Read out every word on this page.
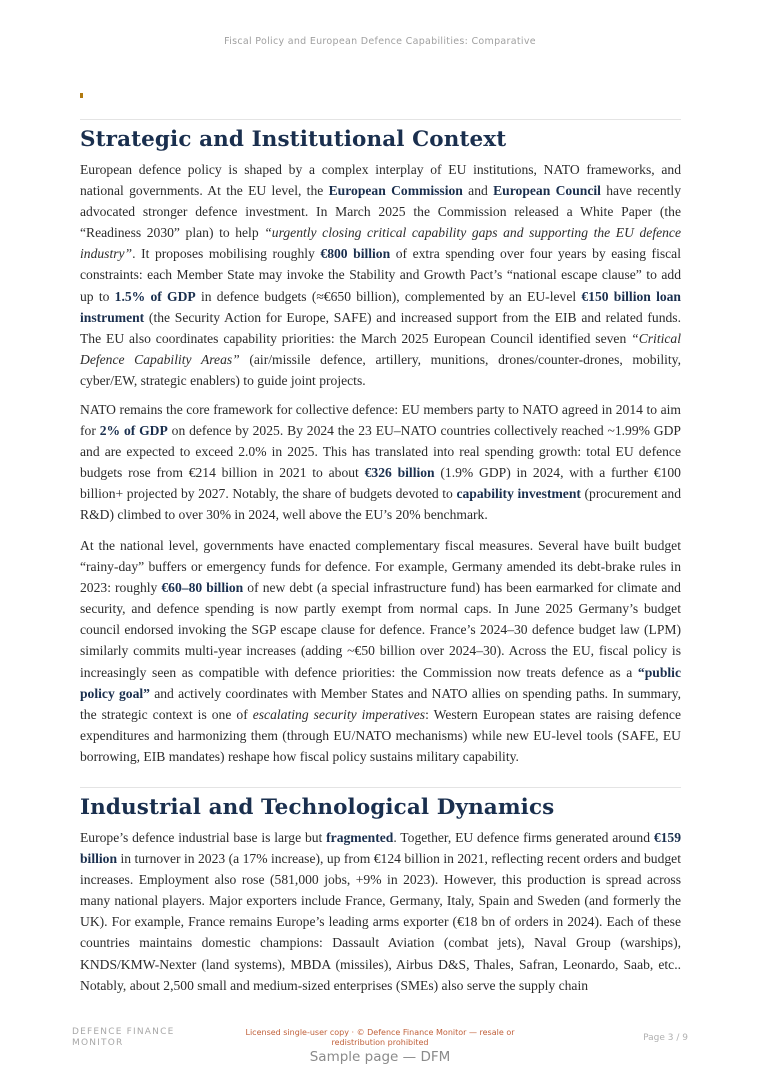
Fiscal Policy and European Defence Capabilities: Comparative
Strategic and Institutional Context

European defence policy is shaped by a complex interplay of EU institutions, NATO frameworks, and national governments. At the EU level, the European Commission and European Council have recently advocated stronger defence investment. In March 2025 the Commission released a White Paper (the “Readiness 2030” plan) to help “urgently closing critical capability gaps and supporting the EU defence industry”. It proposes mobilising roughly €800 billion of extra spending over four years by easing fiscal constraints: each Member State may invoke the Stability and Growth Pact’s “national escape clause” to add up to 1.5% of GDP in defence budgets (≈€650 billion), complemented by an EU-level €150 billion loan instrument (the Security Action for Europe, SAFE) and increased support from the EIB and related funds. The EU also coordinates capability priorities: the March 2025 European Council identified seven “Critical Defence Capability Areas” (air/missile defence, artillery, munitions, drones/counter-drones, mobility, cyber/EW, strategic enablers) to guide joint projects.

NATO remains the core framework for collective defence: EU members party to NATO agreed in 2014 to aim for 2% of GDP on defence by 2025. By 2024 the 23 EU–NATO countries collectively reached ~1.99% GDP and are expected to exceed 2.0% in 2025. This has translated into real spending growth: total EU defence budgets rose from €214 billion in 2021 to about €326 billion (1.9% GDP) in 2024, with a further €100 billion+ projected by 2027. Notably, the share of budgets devoted to capability investment (procurement and R&D) climbed to over 30% in 2024, well above the EU’s 20% benchmark.

At the national level, governments have enacted complementary fiscal measures. Several have built budget “rainy-day” buffers or emergency funds for defence. For example, Germany amended its debt-brake rules in 2023: roughly €60–80 billion of new debt (a special infrastructure fund) has been earmarked for climate and security, and defence spending is now partly exempt from normal caps. In June 2025 Germany’s budget council endorsed invoking the SGP escape clause for defence. France’s 2024–30 defence budget law (LPM) similarly commits multi-year increases (adding ~€50 billion over 2024–30). Across the EU, fiscal policy is increasingly seen as compatible with defence priorities: the Commission now treats defence as a “public policy goal” and actively coordinates with Member States and NATO allies on spending paths. In summary, the strategic context is one of escalating security imperatives: Western European states are raising defence expenditures and harmonizing them (through EU/NATO mechanisms) while new EU-level tools (SAFE, EU borrowing, EIB mandates) reshape how fiscal policy sustains military capability.

Industrial and Technological Dynamics

Europe’s defence industrial base is large but fragmented. Together, EU defence firms generated around €159 billion in turnover in 2023 (a 17% increase), up from €124 billion in 2021, reflecting recent orders and budget increases. Employment also rose (581,000 jobs, +9% in 2023). However, this production is spread across many national players. Major exporters include France, Germany, Italy, Spain and Sweden (and formerly the UK). For example, France remains Europe’s leading arms exporter (€18 bn of orders in 2024). Each of these countries maintains domestic champions: Dassault Aviation (combat jets), Naval Group (warships), KNDS/KMW-Nexter (land systems), MBDA (missiles), Airbus D&S, Thales, Safran, Leonardo, Saab, etc.. Notably, about 2,500 small and medium-sized enterprises (SMEs) also serve the supply chain

DEFENCE FINANCE MONITOR
Licensed single-user copy · © Defence Finance Monitor — resale or redistribution prohibited	Page 3 / 9
Sample page — DFM
